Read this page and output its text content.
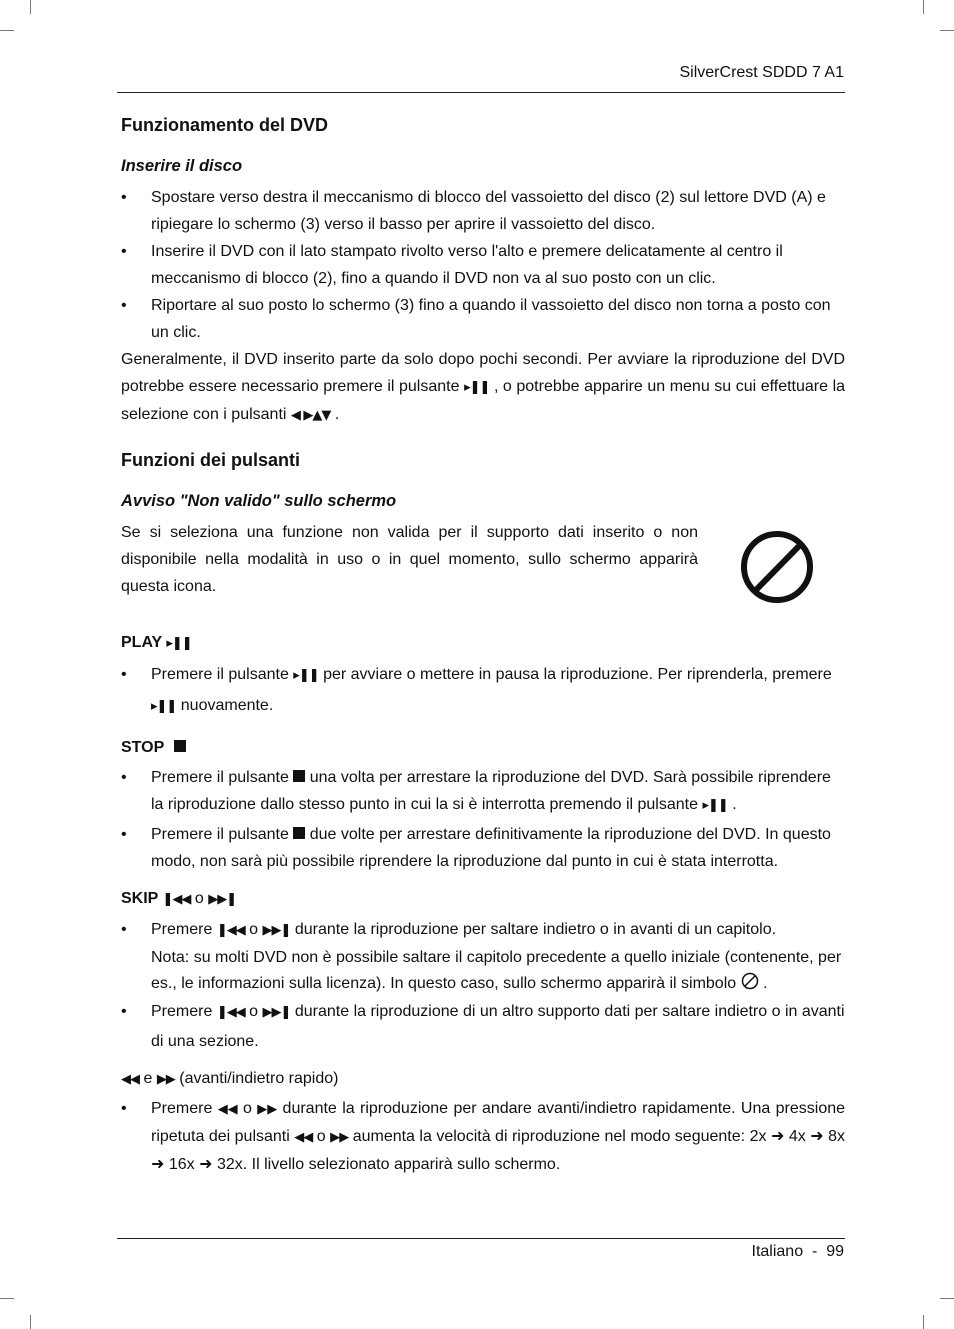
SilverCrest SDDD 7 A1
Funzionamento del DVD
Inserire il disco
• Spostare verso destra il meccanismo di blocco del vassoietto del disco (2) sul lettore DVD (A) e ripiegare lo schermo (3) verso il basso per aprire il vassoietto del disco.
• Inserire il DVD con il lato stampato rivolto verso l'alto e premere delicatamente al centro il meccanismo di blocco (2), fino a quando il DVD non va al suo posto con un clic.
• Riportare al suo posto lo schermo (3) fino a quando il vassoietto del disco non torna a posto con un clic.

Generalmente, il DVD inserito parte da solo dopo pochi secondi. Per avviare la riproduzione del DVD potrebbe essere necessario premere il pulsante ▸❚❚ , o potrebbe apparire un menu su cui effettuare la selezione con i pulsanti ◀ ▶▲▼ .

Funzioni dei pulsanti
Avviso "Non valido" sullo schermo

Se si seleziona una funzione non valida per il supporto dati inserito o non disponibile nella modalità in uso o in quel momento, sullo schermo apparirà questa icona.

PLAY ▸❚❚
• Premere il pulsante ▸❚❚ per avviare o mettere in pausa la riproduzione. Per riprenderla, premere ▸❚❚ nuovamente.
STOP
• Premere il pulsante una volta per arrestare la riproduzione del DVD. Sarà possibile riprendere la riproduzione dallo stesso punto in cui la si è interrotta premendo il pulsante ▸❚❚ .
• Premere il pulsante due volte per arrestare definitivamente la riproduzione del DVD. In questo modo, non sarà più possibile riprendere la riproduzione dal punto in cui è stata interrotta.
SKIP ❚◀◀ o ▶▶❚
• Premere ❚◀◀ o ▶▶❚ durante la riproduzione per saltare indietro o in avanti di un capitolo.
Nota: su molti DVD non è possibile saltare il capitolo precedente a quello iniziale (contenente, per es., le informazioni sulla licenza). In questo caso, sullo schermo apparirà il simbolo .
• Premere ❚◀◀ o ▶▶❚ durante la riproduzione di un altro supporto dati per saltare indietro o in avanti di una sezione.
◀◀ e ▶▶ (avanti/indietro rapido)
• Premere ◀◀ o ▶▶ durante la riproduzione per andare avanti/indietro rapidamente. Una pressione ripetuta dei pulsanti ◀◀ o ▶▶ aumenta la velocità di riproduzione nel modo seguente: 2x ➜ 4x ➜ 8x ➜ 16x ➜ 32x. Il livello selezionato apparirà sullo schermo.
Italiano  -  99
